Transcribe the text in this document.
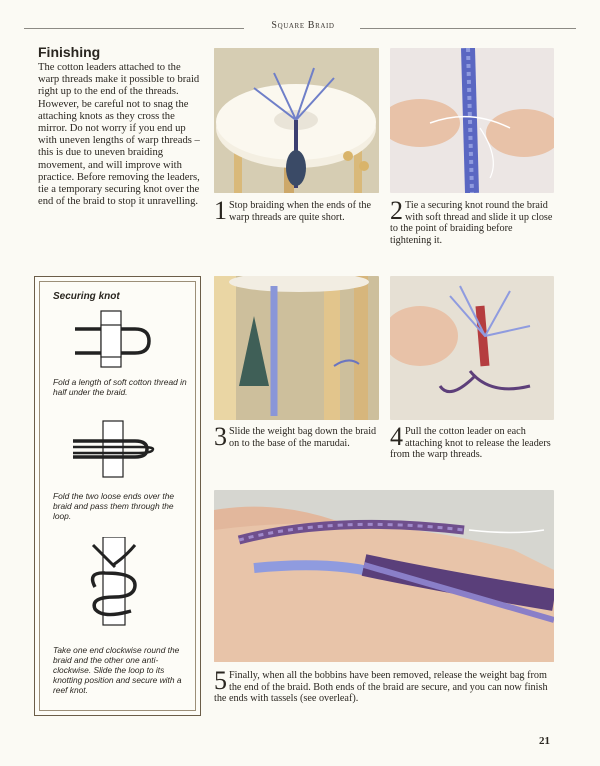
Square Braid
Finishing
The cotton leaders attached to the warp threads make it possible to braid right up to the end of the threads. However, be careful not to snag the attaching knots as they cross the mirror. Do not worry if you end up with uneven lengths of warp threads – this is due to uneven braiding movement, and will improve with practice. Before removing the leaders, tie a temporary securing knot over the end of the braid to stop it unravelling. 1 Stop braiding when the ends of the warp threads are quite short.	2 Tie a securing knot round the braid with soft thread and slide it up close to the point of braiding before tightening it.
3 Slide the weight bag down the braid on to the base of the marudai.	4 Pull the cotton leader on each attaching knot to release the leaders from the warp threads.
5 Finally, when all the bobbins have been removed, release the weight bag from the end of the braid. Both ends of the braid are secure, and you can now finish the ends with tassels (see overleaf).
Securing knot
Fold a length of soft cotton thread in half under the braid.
Fold the two loose ends over the braid and pass them through the loop.
Take one end clockwise round the braid and the other one anti-clockwise. Slide the loop to its knotting position and secure with a reef knot.
21
